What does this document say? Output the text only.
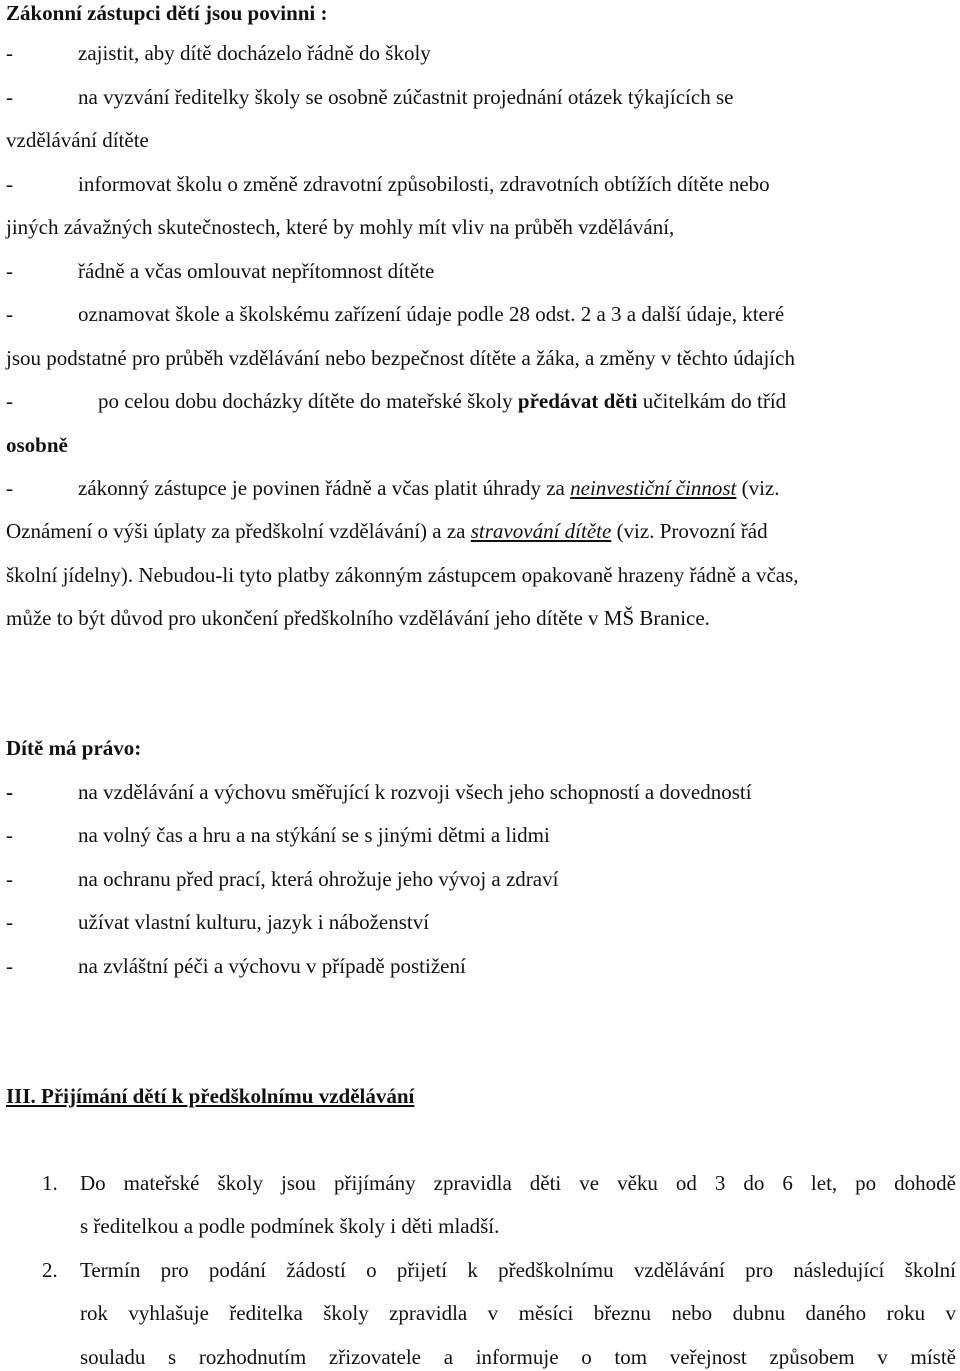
Zákonní zástupci dětí jsou povinni :
-	zajistit, aby dítě docházelo řádně do školy
-	na vyzvání ředitelky školy se osobně zúčastnit projednání otázek týkajících se
vzdělávání dítěte
-	informovat školu o změně zdravotní způsobilosti, zdravotních obtížích dítěte nebo
jiných závažných skutečnostech, které by mohly mít vliv na průběh vzdělávání,
-	řádně a včas omlouvat nepřítomnost dítěte
-	oznamovat škole a školskému zařízení údaje podle 28 odst. 2 a 3 a další údaje, které
jsou podstatné pro průběh vzdělávání nebo bezpečnost dítěte a žáka, a změny v těchto údajích
-	po celou dobu docházky dítěte do mateřské školy předávat děti učitelkám do tříd
osobně
-	zákonný zástupce je povinen řádně a včas platit úhrady za neinvestiční činnost (viz.
Oznámení o výši úplaty za předškolní vzdělávání) a za stravování dítěte (viz. Provozní řád
školní jídelny). Nebudou-li tyto platby zákonným zástupcem opakovaně hrazeny řádně a včas,
může to být důvod pro ukončení předškolního vzdělávání jeho dítěte v MŠ Branice.
Dítě má právo:
-	na vzdělávání a výchovu směřující k rozvoji všech jeho schopností a dovedností
-	na volný čas a hru a na stýkání se s jinými dětmi a lidmi
-	na ochranu před prací, která ohrožuje jeho vývoj a zdraví
-	užívat vlastní kulturu, jazyk i náboženství
-	na zvláštní péči a výchovu v případě postižení
III. Přijímání dětí k předškolnímu vzdělávání
1. Do mateřské školy jsou přijímány zpravidla děti ve věku od 3 do 6 let, po dohodě
s ředitelkou a podle podmínek školy i děti mladší.
2. Termín pro podání žádostí o přijetí k předškolnímu vzdělávání pro následující školní
rok vyhlašuje ředitelka školy zpravidla v měsíci březnu nebo dubnu daného roku v
souladu s rozhodnutím zřizovatele a informuje o tom veřejnost způsobem v místě
